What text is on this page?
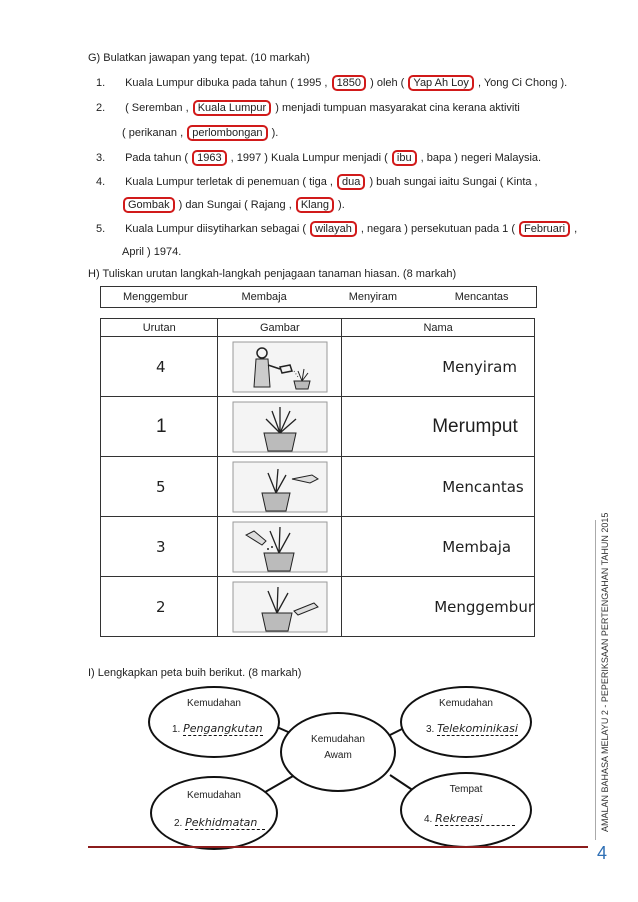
G) Bulatkan jawapan yang tepat. (10 markah)
1. Kuala Lumpur dibuka pada tahun ( 1995 , 1850 ) oleh ( Yap Ah Loy , Yong Ci Chong ).
2. ( Seremban , Kuala Lumpur ) menjadi tumpuan masyarakat cina kerana aktiviti
( perikanan , perlombongan ).
3. Pada tahun ( 1963 , 1997 ) Kuala Lumpur menjadi ( ibu , bapa ) negeri Malaysia.
4. Kuala Lumpur terletak di penemuan ( tiga , dua ) buah sungai iaitu Sungai ( Kinta ,
Gombak ) dan Sungai ( Rajang , Klang ).
5. Kuala Lumpur diisytiharkan sebagai ( wilayah , negara ) persekutuan pada 1 ( Februari ,
April ) 1974.
H) Tuliskan urutan langkah-langkah penjagaan tanaman hiasan. (8 markah)
Menggembur	Membaja	Menyiram	Mencantas
Urutan	Gambar	Nama
4		Menyiram
1		Merumput
5		Mencantas
3		Membaja
2		Menggembur
I) Lengkapkan peta buih berikut. (8 markah)
Kemudahan
1. Pengangkutan
Kemudahan
Awam
Kemudahan
3. Telekominikasi
Kemudahan
2. Pekhidmatan
Tempat
4. Rekreasi	AMALAN BAHASA MELAYU 2 - PEPERIKSAAN PERTENGAHAN TAHUN 2015
4
